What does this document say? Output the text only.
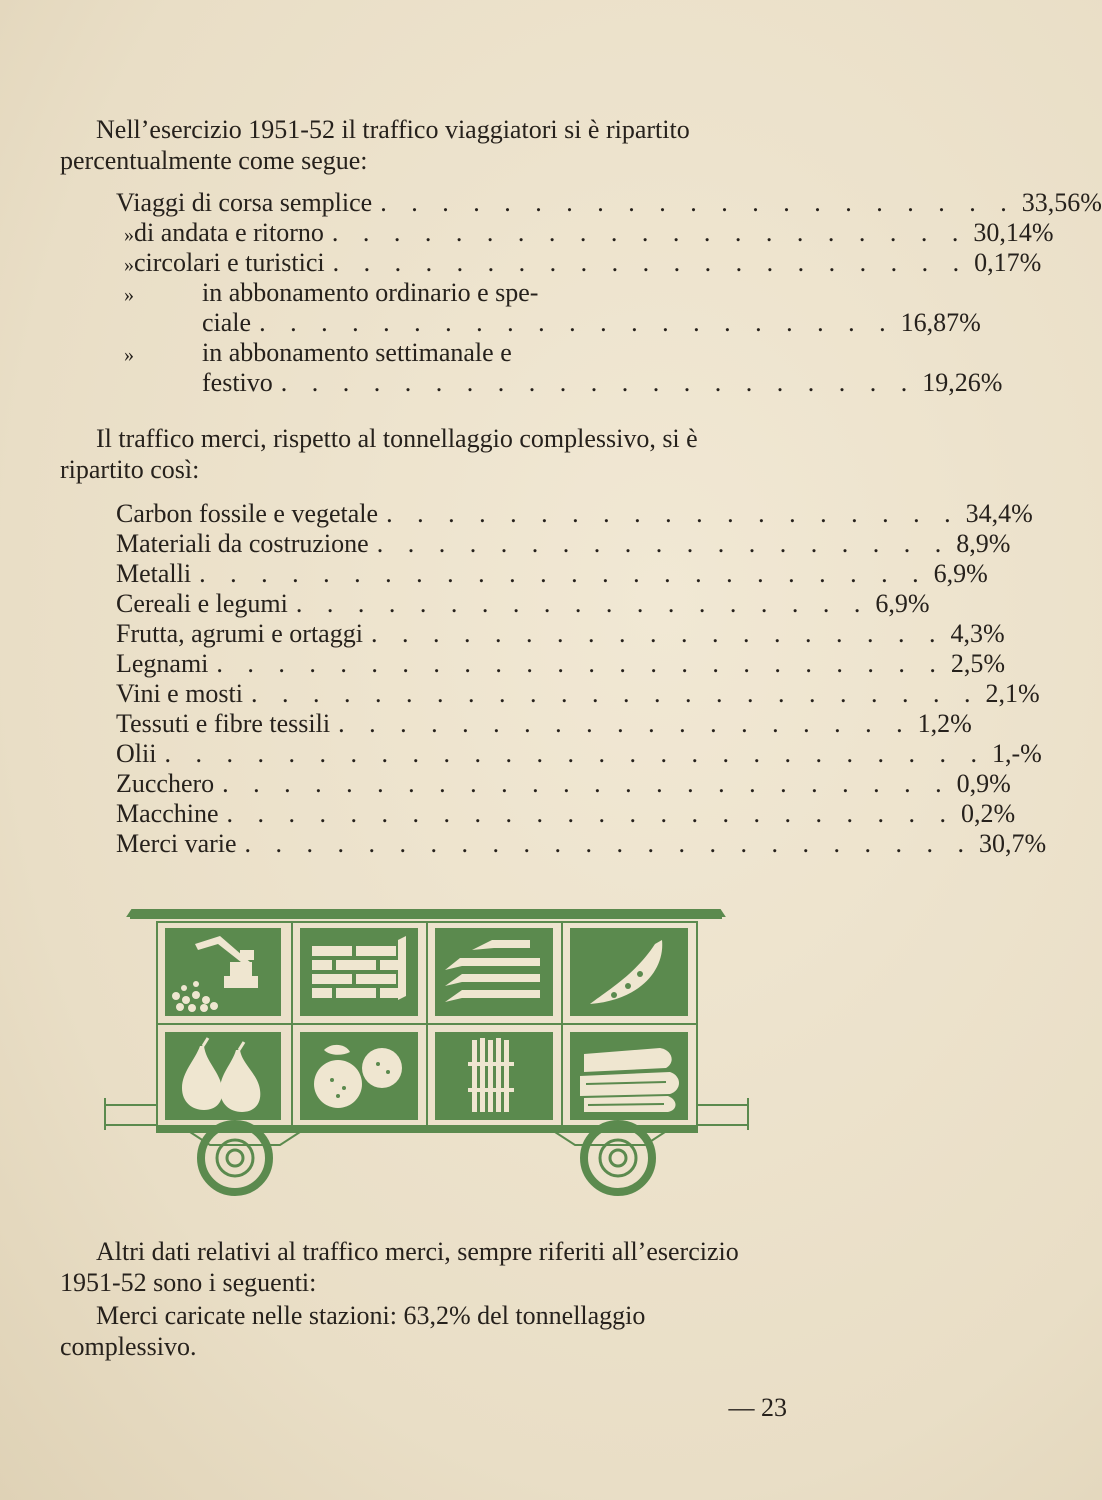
Nell’esercizio 1951-52 il traffico viaggiatori si è ripartito percentualmente come segue:

Viaggi di corsa semplice . . . . . . . . . . . . . . . . . . . . . 33,56%
» di andata e ritorno . . . . . . . . . . . . . . . . . . . . . 30,14%
» circolari e turistici . . . . . . . . . . . . . . . . . . . . . 0,17%
»	in abbonamento ordinario e spe-
ciale . . . . . . . . . . . . . . . . . . . . . 16,87%
»	in abbonamento settimanale e
festivo . . . . . . . . . . . . . . . . . . . . . 19,26%

Il traffico merci, rispetto al tonnellaggio complessivo, si è ripartito così:

Carbon fossile e vegetale . . . . . . . . . . . . . . . . . . . 34,4%
Materiali da costruzione . . . . . . . . . . . . . . . . . . . 8,9%
Metalli . . . . . . . . . . . . . . . . . . . . . . . . 6,9%
Cereali e legumi . . . . . . . . . . . . . . . . . . . 6,9%
Frutta, agrumi e ortaggi . . . . . . . . . . . . . . . . . . . 4,3%
Legnami . . . . . . . . . . . . . . . . . . . . . . . . 2,5%
Vini e mosti . . . . . . . . . . . . . . . . . . . . . . . . 2,1%
Tessuti e fibre tessili . . . . . . . . . . . . . . . . . . . 1,2%
Olii . . . . . . . . . . . . . . . . . . . . . . . . . . . 1,-%
Zucchero . . . . . . . . . . . . . . . . . . . . . . . . 0,9%
Macchine . . . . . . . . . . . . . . . . . . . . . . . . 0,2%
Merci varie . . . . . . . . . . . . . . . . . . . . . . . . 30,7%

Altri dati relativi al traffico merci, sempre riferiti all’esercizio 1951-52 sono i seguenti:

Merci caricate nelle stazioni: 63,2% del tonnellaggio complessivo.

— 23
